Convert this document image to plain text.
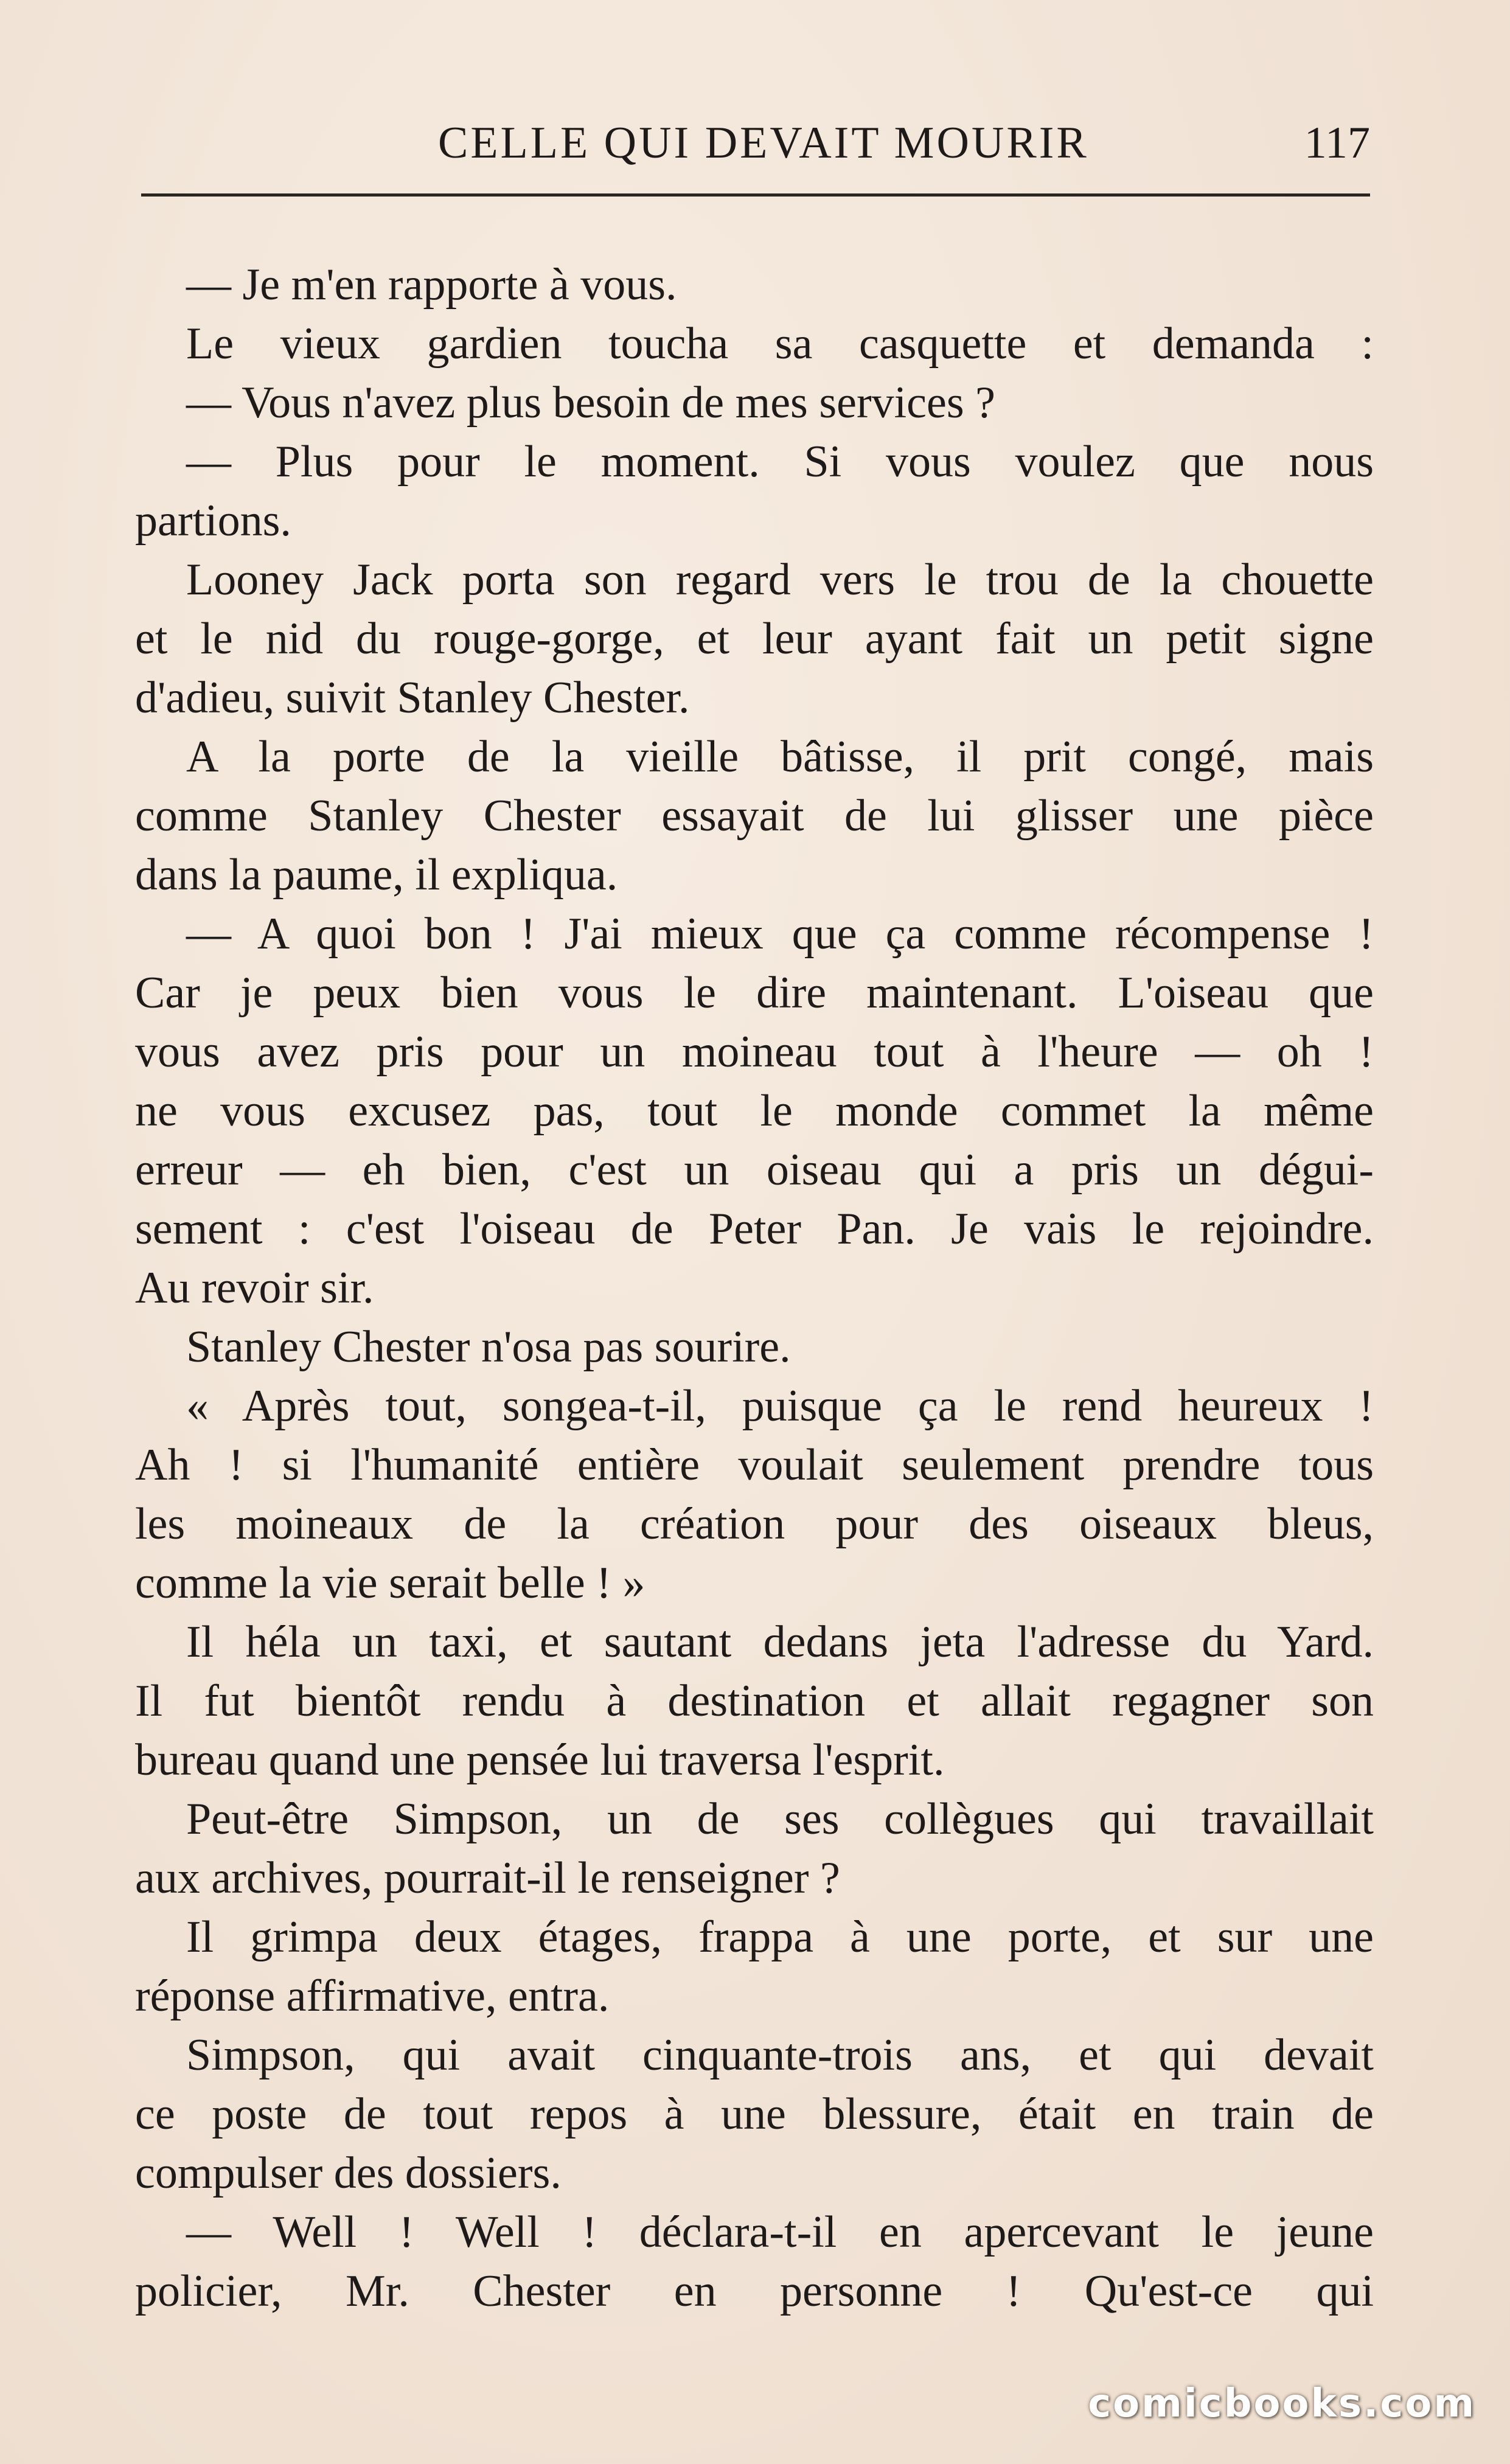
CELLE QUI DEVAIT MOURIR	117
— Je m'en rapporte à vous.
Le vieux gardien toucha sa casquette et demanda :
— Vous n'avez plus besoin de mes services ?
— Plus pour le moment. Si vous voulez que nous
partions.
Looney Jack porta son regard vers le trou de la chouette
et le nid du rouge-gorge, et leur ayant fait un petit signe
d'adieu, suivit Stanley Chester.
A la porte de la vieille bâtisse, il prit congé, mais
comme Stanley Chester essayait de lui glisser une pièce
dans la paume, il expliqua.
— A quoi bon ! J'ai mieux que ça comme récompense !
Car je peux bien vous le dire maintenant. L'oiseau que
vous avez pris pour un moineau tout à l'heure — oh !
ne vous excusez pas, tout le monde commet la même
erreur — eh bien, c'est un oiseau qui a pris un dégui-
sement : c'est l'oiseau de Peter Pan. Je vais le rejoindre.
Au revoir sir.
Stanley Chester n'osa pas sourire.
« Après tout, songea-t-il, puisque ça le rend heureux !
Ah ! si l'humanité entière voulait seulement prendre tous
les moineaux de la création pour des oiseaux bleus,
comme la vie serait belle ! »
Il héla un taxi, et sautant dedans jeta l'adresse du Yard.
Il fut bientôt rendu à destination et allait regagner son
bureau quand une pensée lui traversa l'esprit.
Peut-être Simpson, un de ses collègues qui travaillait
aux archives, pourrait-il le renseigner ?
Il grimpa deux étages, frappa à une porte, et sur une
réponse affirmative, entra.
Simpson, qui avait cinquante-trois ans, et qui devait
ce poste de tout repos à une blessure, était en train de
compulser des dossiers.
— Well ! Well ! déclara-t-il en apercevant le jeune
policier, Mr. Chester en personne ! Qu'est-ce qui
comicbooks.com
